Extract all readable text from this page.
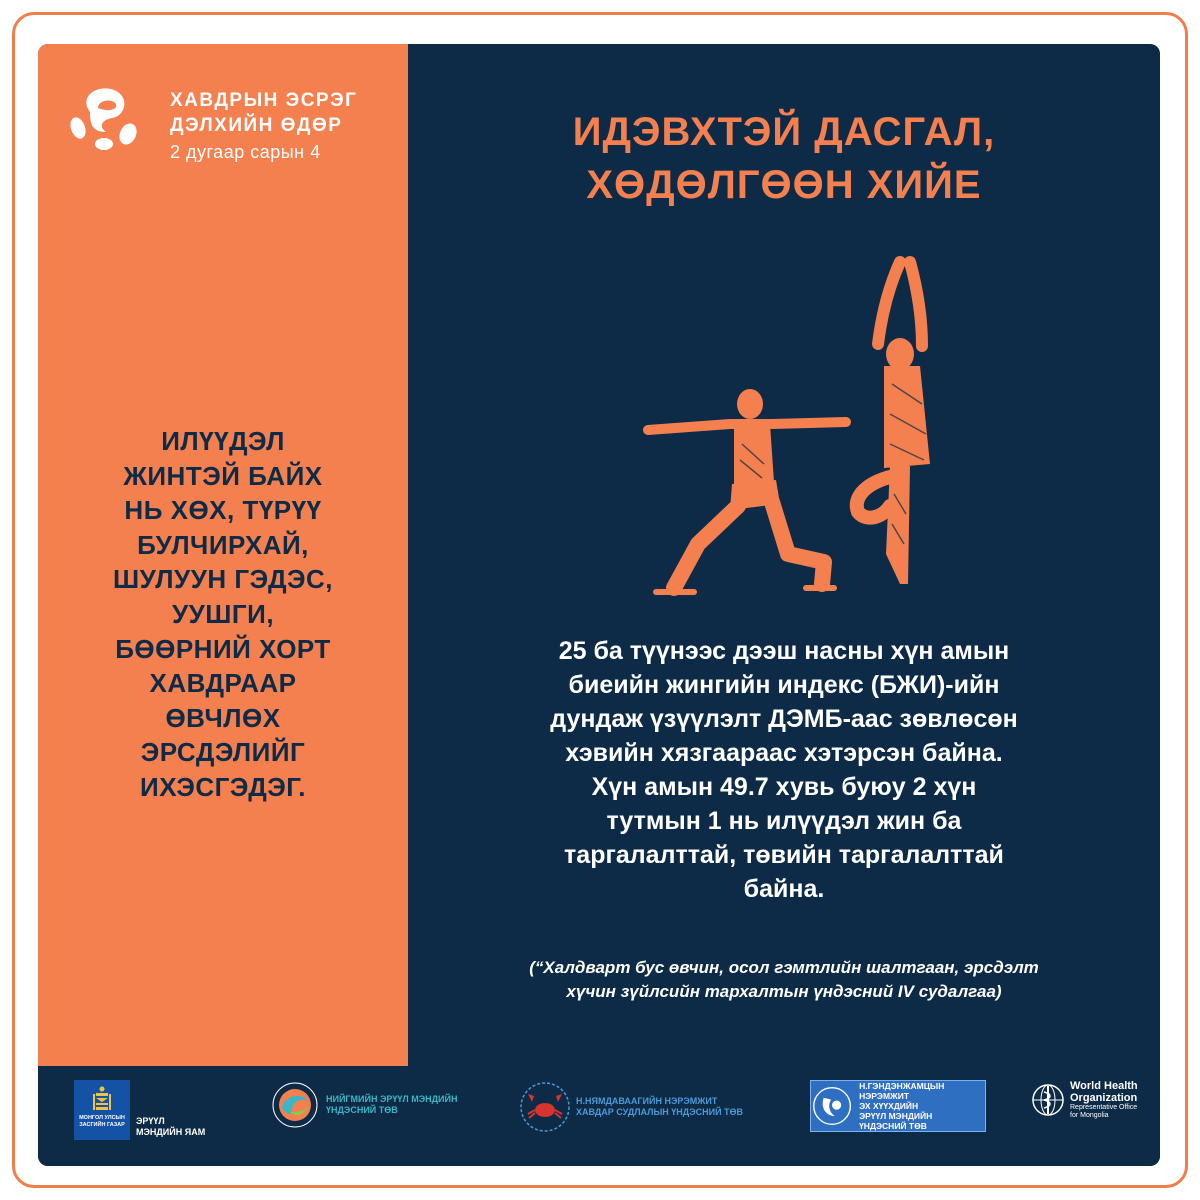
ХАВДРЫН ЭСРЭГ
ДЭЛХИЙН ӨДӨР
2 дугаар сарын 4
ИЛҮҮДЭЛ
ЖИНТЭЙ БАЙХ
НЬ ХӨХ, ТҮРҮҮ
БУЛЧИРХАЙ,
ШУЛУУН ГЭДЭС,
УУШГИ,
БӨӨРНИЙ ХОРТ
ХАВДРААР
ӨВЧЛӨХ
ЭРСДЭЛИЙГ
ИХЭСГЭДЭГ.
ИДЭВХТЭЙ ДАСГАЛ,
ХӨДӨЛГӨӨН ХИЙЕ
25 ба түүнээс дээш насны хүн амын
биеийн жингийн индекс (БЖИ)-ийн
дундаж үзүүлэлт ДЭМБ-аас зөвлөсөн
хэвийн хязгаараас хэтэрсэн байна.
Хүн амын 49.7 хувь буюу 2 хүн
тутмын 1 нь илүүдэл жин ба
таргалалттай, төвийн таргалалттай
байна.
(“Халдварт бус өвчин, осол гэмтлийн шалтгаан, эрсдэлт
хүчин зүйлсийн тархалтын үндэсний IV судалгаа)
МОНГОЛ УЛСЫН
ЗАСГИЙН ГАЗАР ЭРҮҮЛ
МЭНДИЙН ЯАМ
НИЙГМИЙН ЭРҮҮЛ МЭНДИЙН
ҮНДЭСНИЙ ТӨВ
Н.НЯМДАВААГИЙН НЭРЭМЖИТ
ХАВДАР СУДЛАЛЫН ҮНДЭСНИЙ ТӨВ
Н.ГЭНДЭНЖАМЦЫН НЭРЭМЖИТ
ЭХ ХҮҮХДИЙН
ЭРҮҮЛ МЭНДИЙН
ҮНДЭСНИЙ ТӨВ
World Health
Organization
Representative Office
for Mongolia
